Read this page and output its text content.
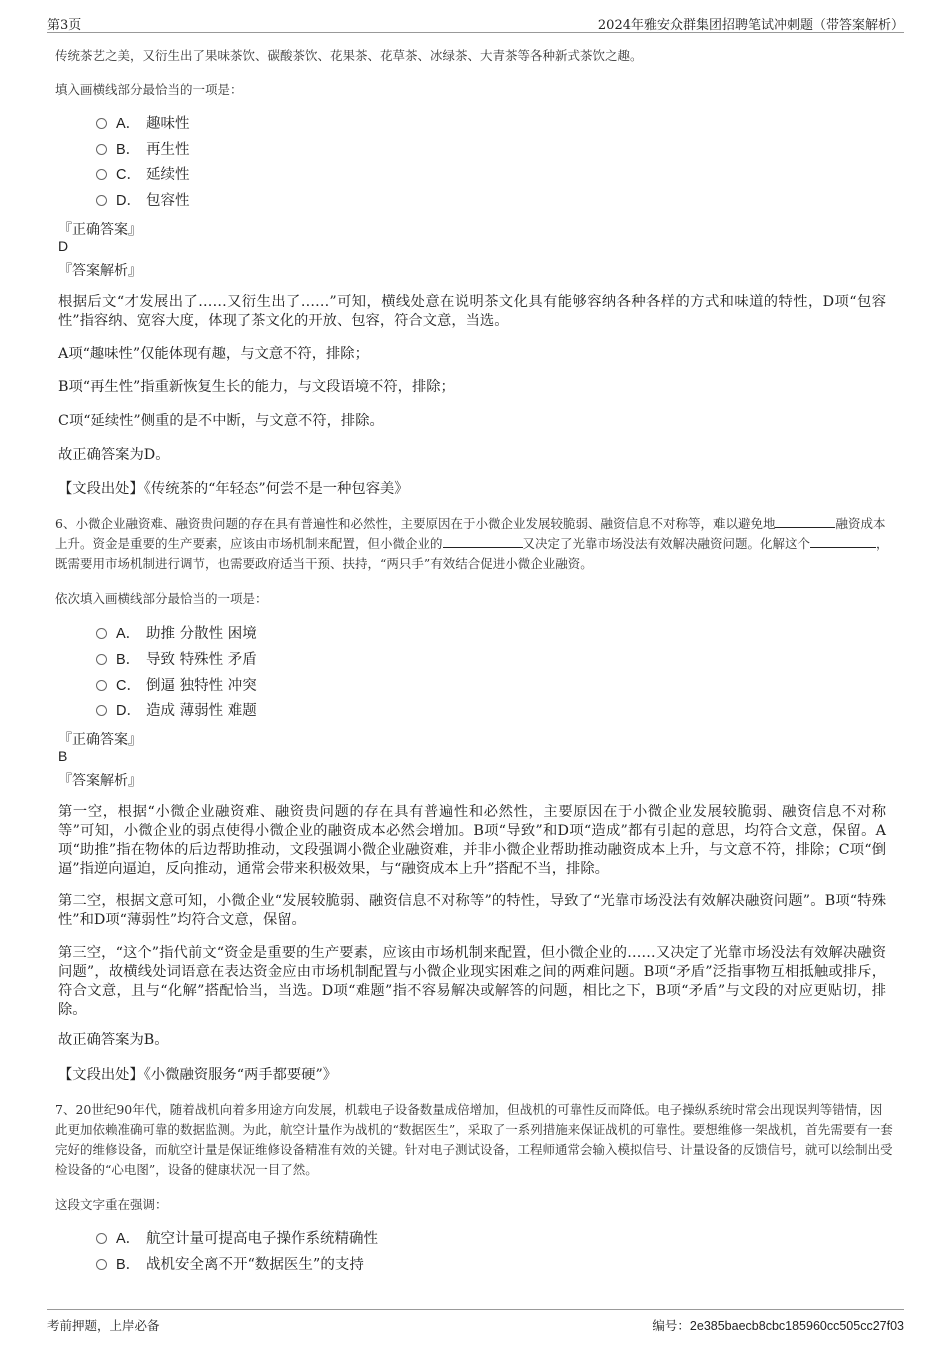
第3页	2024年雅安众群集团招聘笔试冲刺题（带答案解析）
传统茶艺之美，又衍生出了果味茶饮、碳酸茶饮、花果茶、花草茶、冰绿茶、大青茶等各种新式茶饮之趣。
填入画横线部分最恰当的一项是：
A． 趣味性
B． 再生性
C． 延续性
D． 包容性
『正确答案』
D
『答案解析』
根据后文“才发展出了……又衍生出了……”可知，横线处意在说明茶文化具有能够容纳各种各样的方式和味道的特性，D项“包容性”指容纳、宽容大度，体现了茶文化的开放、包容，符合文意，当选。
A项“趣味性”仅能体现有趣，与文意不符，排除；
B项“再生性”指重新恢复生长的能力，与文段语境不符，排除；
C项“延续性”侧重的是不中断，与文意不符，排除。
故正确答案为D。
【文段出处】《传统茶的“年轻态”何尝不是一种包容美》
6、小微企业融资难、融资贵问题的存在具有普遍性和必然性，主要原因在于小微企业发展较脆弱、融资信息不对称等，难以避免地	融资成本上升。资金是重要的生产要素，应该由市场机制来配置，但小微企业的	又决定了光靠市场没法有效解决融资问题。化解这个	，既需要用市场机制进行调节，也需要政府适当干预、扶持，“两只手”有效结合促进小微企业融资。
依次填入画横线部分最恰当的一项是：
A． 助推 分散性 困境
B． 导致 特殊性 矛盾
C． 倒逼 独特性 冲突
D． 造成 薄弱性 难题
『正确答案』
B
『答案解析』
第一空，根据“小微企业融资难、融资贵问题的存在具有普遍性和必然性，主要原因在于小微企业发展较脆弱、融资信息不对称等”可知，小微企业的弱点使得小微企业的融资成本必然会增加。B项“导致”和D项“造成”都有引起的意思，均符合文意，保留。A项“助推”指在物体的后边帮助推动，文段强调小微企业融资难，并非小微企业帮助推动融资成本上升，与文意不符，排除；C项“倒逼”指逆向逼迫，反向推动，通常会带来积极效果，与“融资成本上升”搭配不当，排除。
第二空，根据文意可知，小微企业“发展较脆弱、融资信息不对称等”的特性，导致了“光靠市场没法有效解决融资问题”。B项“特殊性”和D项“薄弱性”均符合文意，保留。
第三空，“这个”指代前文“资金是重要的生产要素，应该由市场机制来配置，但小微企业的……又决定了光靠市场没法有效解决融资问题”，故横线处词语意在表达资金应由市场机制配置与小微企业现实困难之间的两难问题。B项“矛盾”泛指事物互相抵触或排斥，符合文意，且与“化解”搭配恰当，当选。D项“难题”指不容易解决或解答的问题，相比之下，B项“矛盾”与文段的对应更贴切，排除。
故正确答案为B。
【文段出处】《小微融资服务“两手都要硬”》
7、20世纪90年代，随着战机向着多用途方向发展，机载电子设备数量成倍增加，但战机的可靠性反而降低。电子操纵系统时常会出现误判等错情，因此更加依赖准确可靠的数据监测。为此，航空计量作为战机的“数据医生”，采取了一系列措施来保证战机的可靠性。要想维修一架战机，首先需要有一套完好的维修设备，而航空计量是保证维修设备精准有效的关键。针对电子测试设备，工程师通常会输入模拟信号、计量设备的反馈信号，就可以绘制出受检设备的“心电图”，设备的健康状况一目了然。
这段文字重在强调：
A． 航空计量可提高电子操作系统精确性
B． 战机安全离不开“数据医生”的支持
考前押题，上岸必备	编号：2e385baecb8cbc185960cc505cc27f03
